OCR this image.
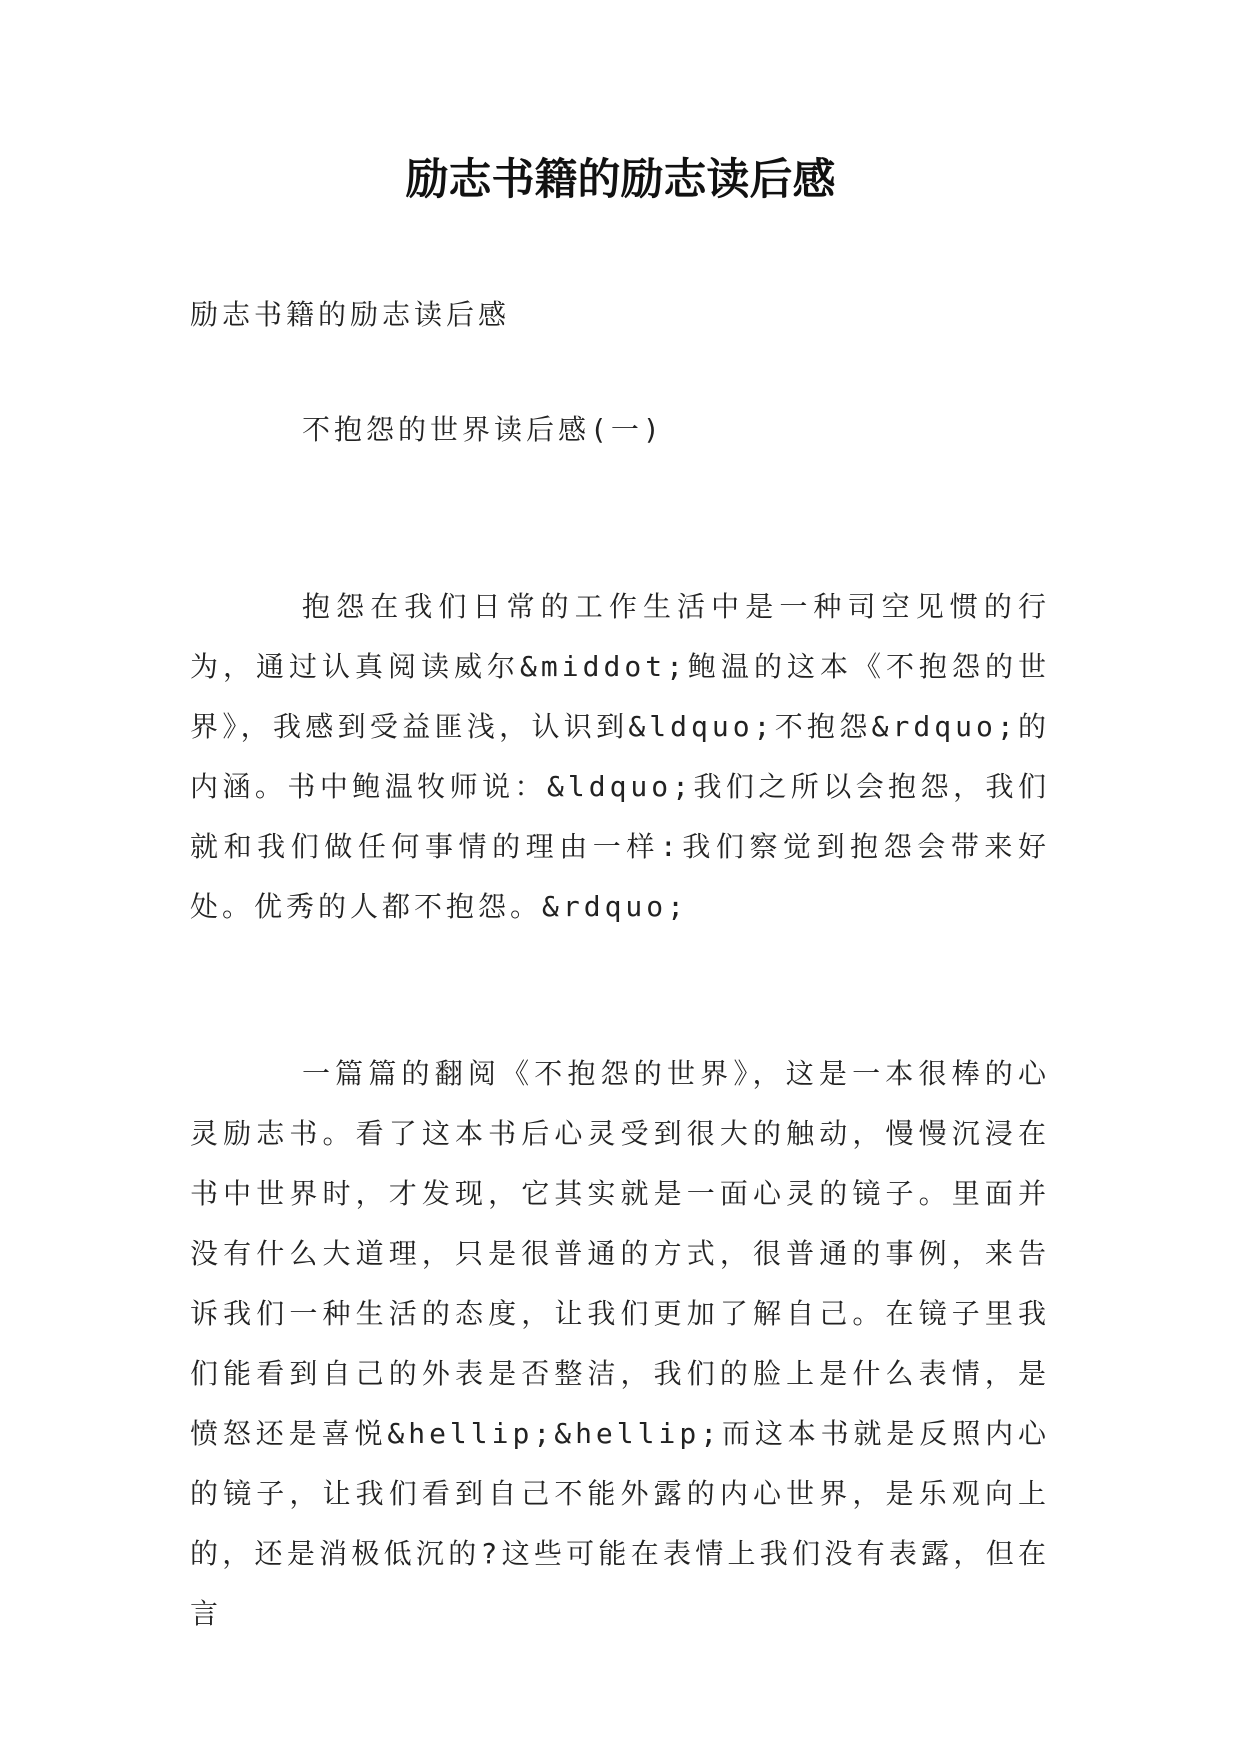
励志书籍的励志读后感

励志书籍的励志读后感

不抱怨的世界读后感(一)

抱怨在我们日常的工作生活中是一种司空见惯的行为，通过认真阅读威尔&middot;鲍温的这本《不抱怨的世界》，我感到受益匪浅，认识到&ldquo;不抱怨&rdquo;的内涵。书中鲍温牧师说：&ldquo;我们之所以会抱怨，我们就和我们做任何事情的理由一样:我们察觉到抱怨会带来好处。优秀的人都不抱怨。&rdquo;

一篇篇的翻阅《不抱怨的世界》，这是一本很棒的心灵励志书。看了这本书后心灵受到很大的触动，慢慢沉浸在书中世界时，才发现，它其实就是一面心灵的镜子。里面并没有什么大道理，只是很普通的方式，很普通的事例，来告诉我们一种生活的态度，让我们更加了解自己。在镜子里我们能看到自己的外表是否整洁，我们的脸上是什么表情，是愤怒还是喜悦&hellip;&hellip;而这本书就是反照内心的镜子，让我们看到自己不能外露的内心世界，是乐观向上的，还是消极低沉的?这些可能在表情上我们没有表露，但在言
